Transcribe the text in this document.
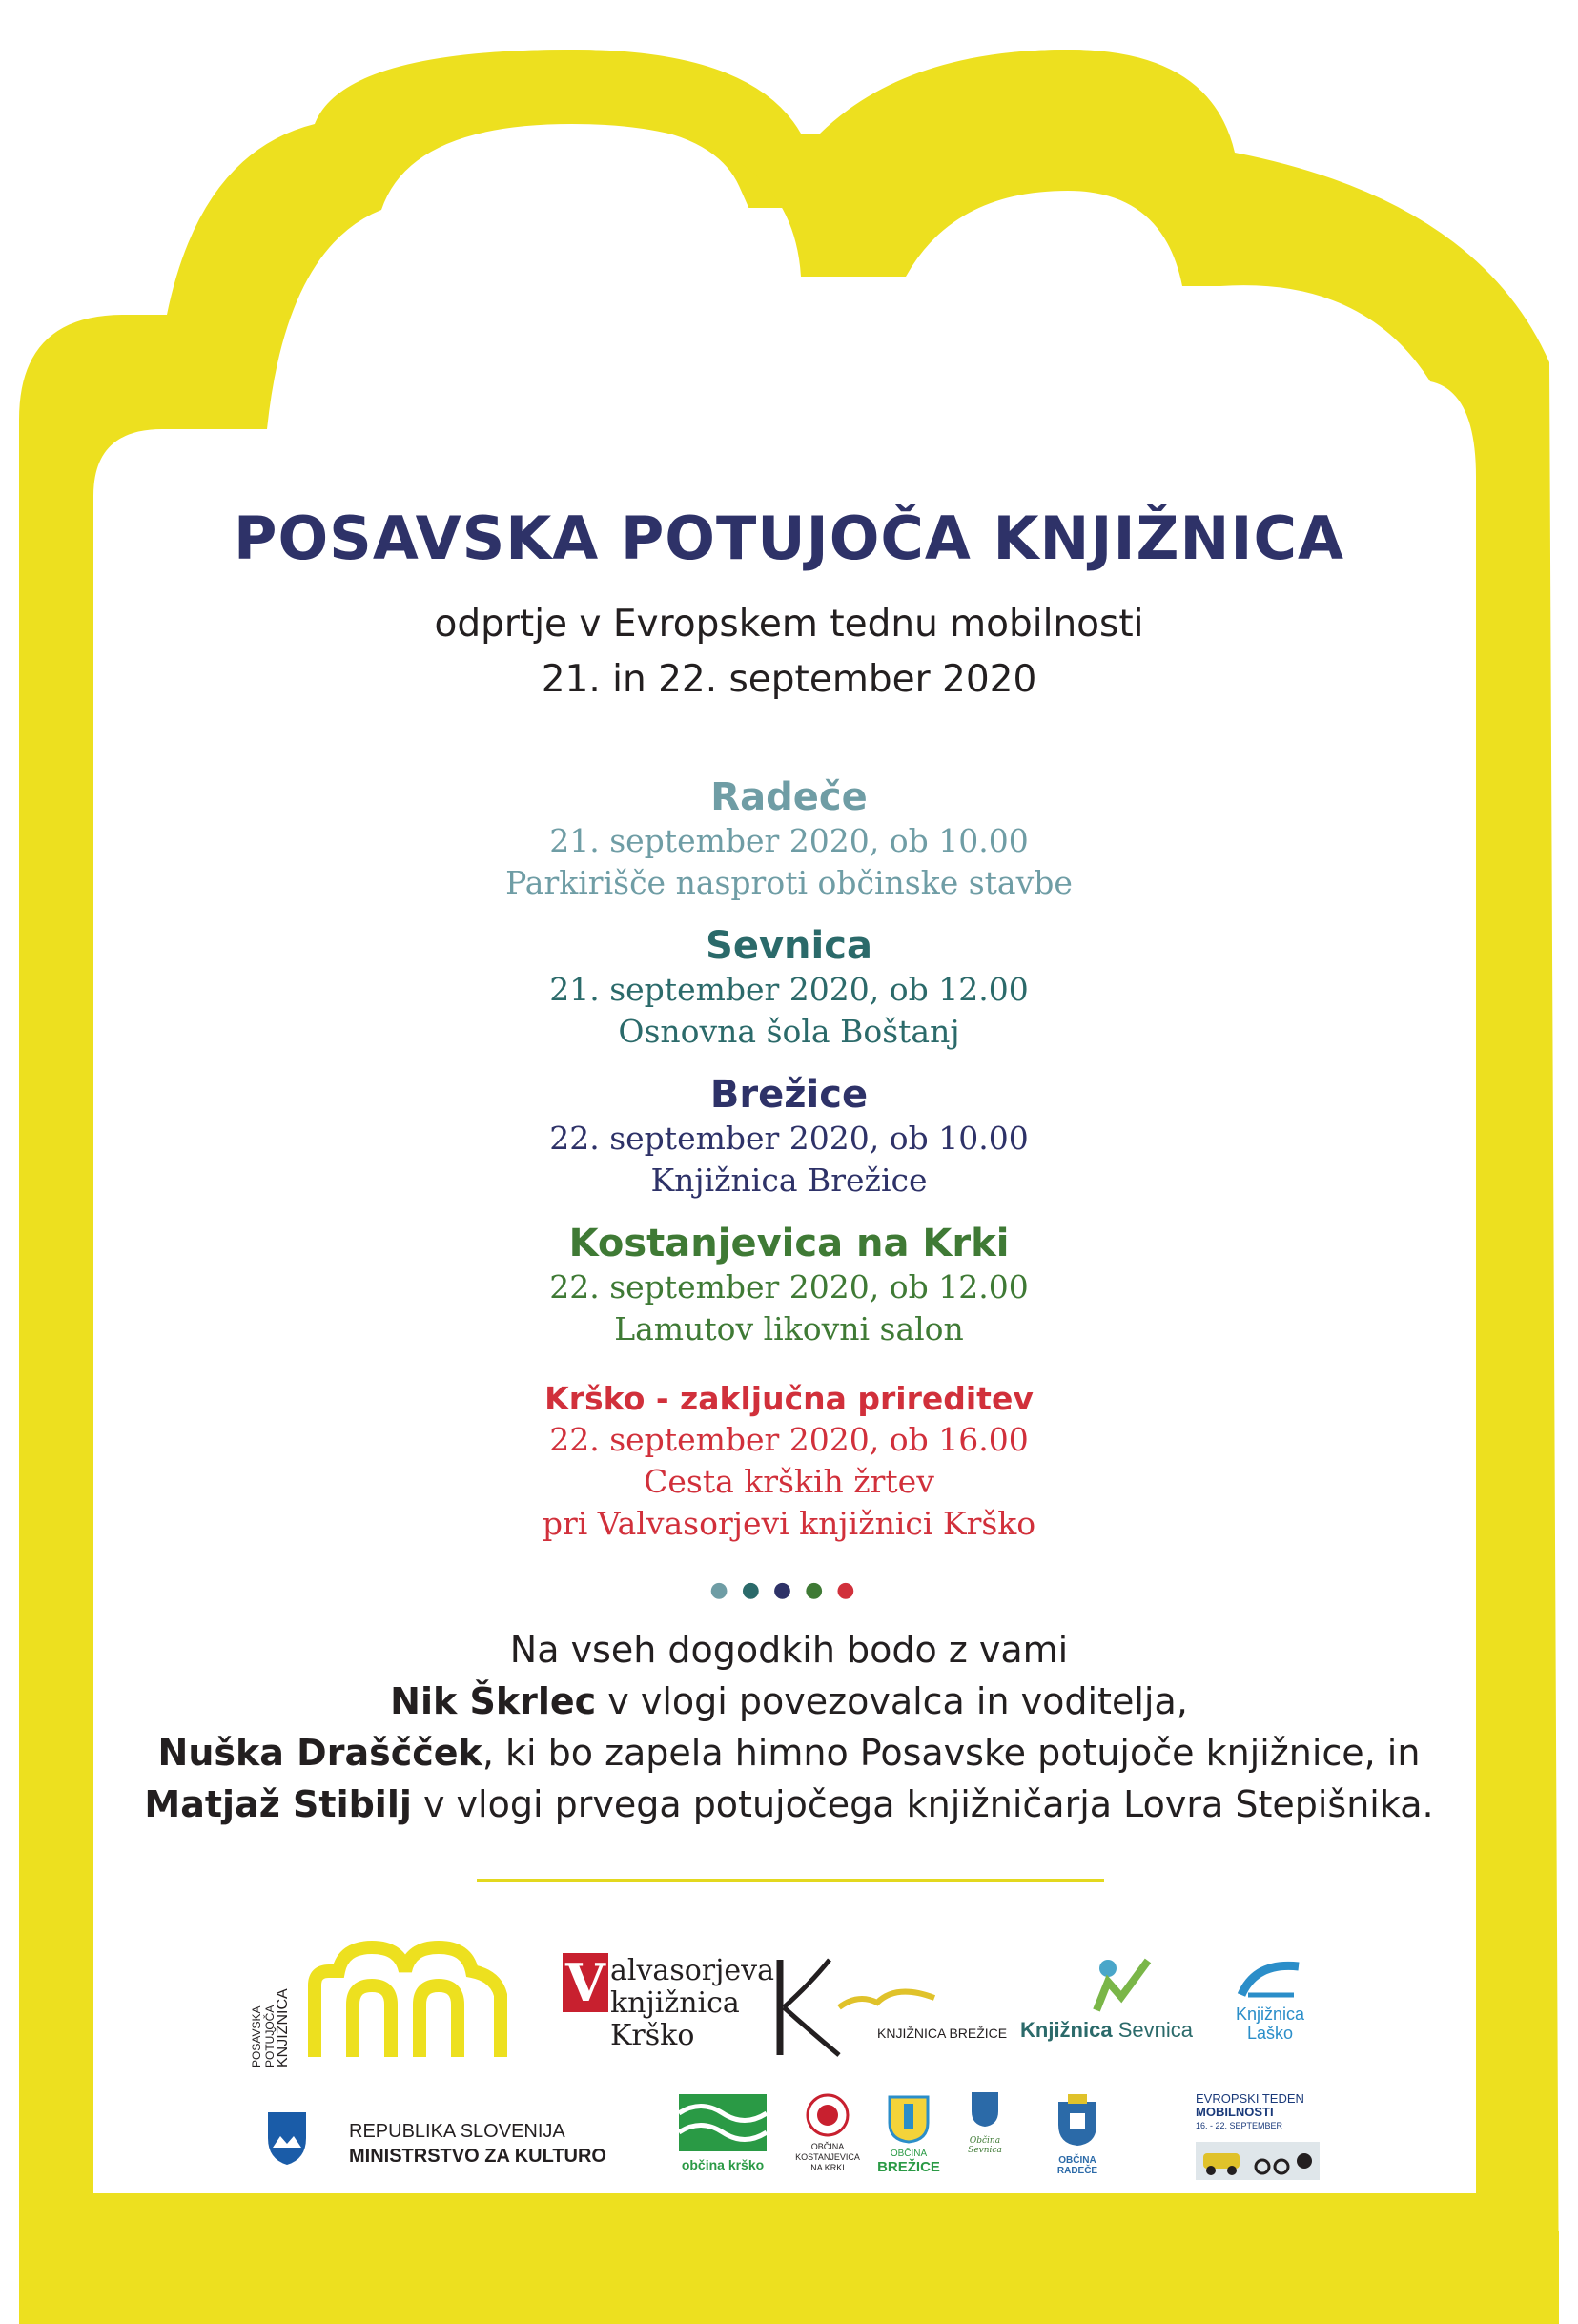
POSAVSKA POTUJOČA KNJIŽNICA
odprtje v Evropskem tednu mobilnosti
21. in 22. september 2020
Radeče
21. september 2020, ob 10.00
Parkirišče nasproti občinske stavbe
Sevnica
21. september 2020, ob 12.00
Osnovna šola Boštanj
Brežice
22. september 2020, ob 10.00
Knjižnica Brežice
Kostanjevica na Krki
22. september 2020, ob 12.00
Lamutov likovni salon
Krško - zaključna prireditev
22. september 2020, ob 16.00
Cesta krških žrtev
pri Valvasorjevi knjižnici Krško
●●●●●
Na vseh dogodkih bodo z vami
Nik Škrlec v vlogi povezovalca in voditelja,
Nuška Draščček, ki bo zapela himno Posavske potujoče knjižnice, in
Matjaž Stibilj v vlogi prvega potujočega knjižničarja Lovra Stepišnika.
POSAVSKA POTUJOČA
KNJIŽNICA
V alvasorjeva
knjižnica
Krško	KNJIŽNICA BREŽICE Knjižnica Sevnica
Knjižnica
Laško
REPUBLIKA SLOVENIJA
MINISTRSTVO ZA KULTURO	občina krško
OBČINA
KOSTANJEVICA
NA KRKI
OBČINA
BREŽICE
Občina Sevnica
OBČINA RADEČE
EVROPSKI TEDEN
MOBILNOSTI
16. - 22. SEPTEMBER
